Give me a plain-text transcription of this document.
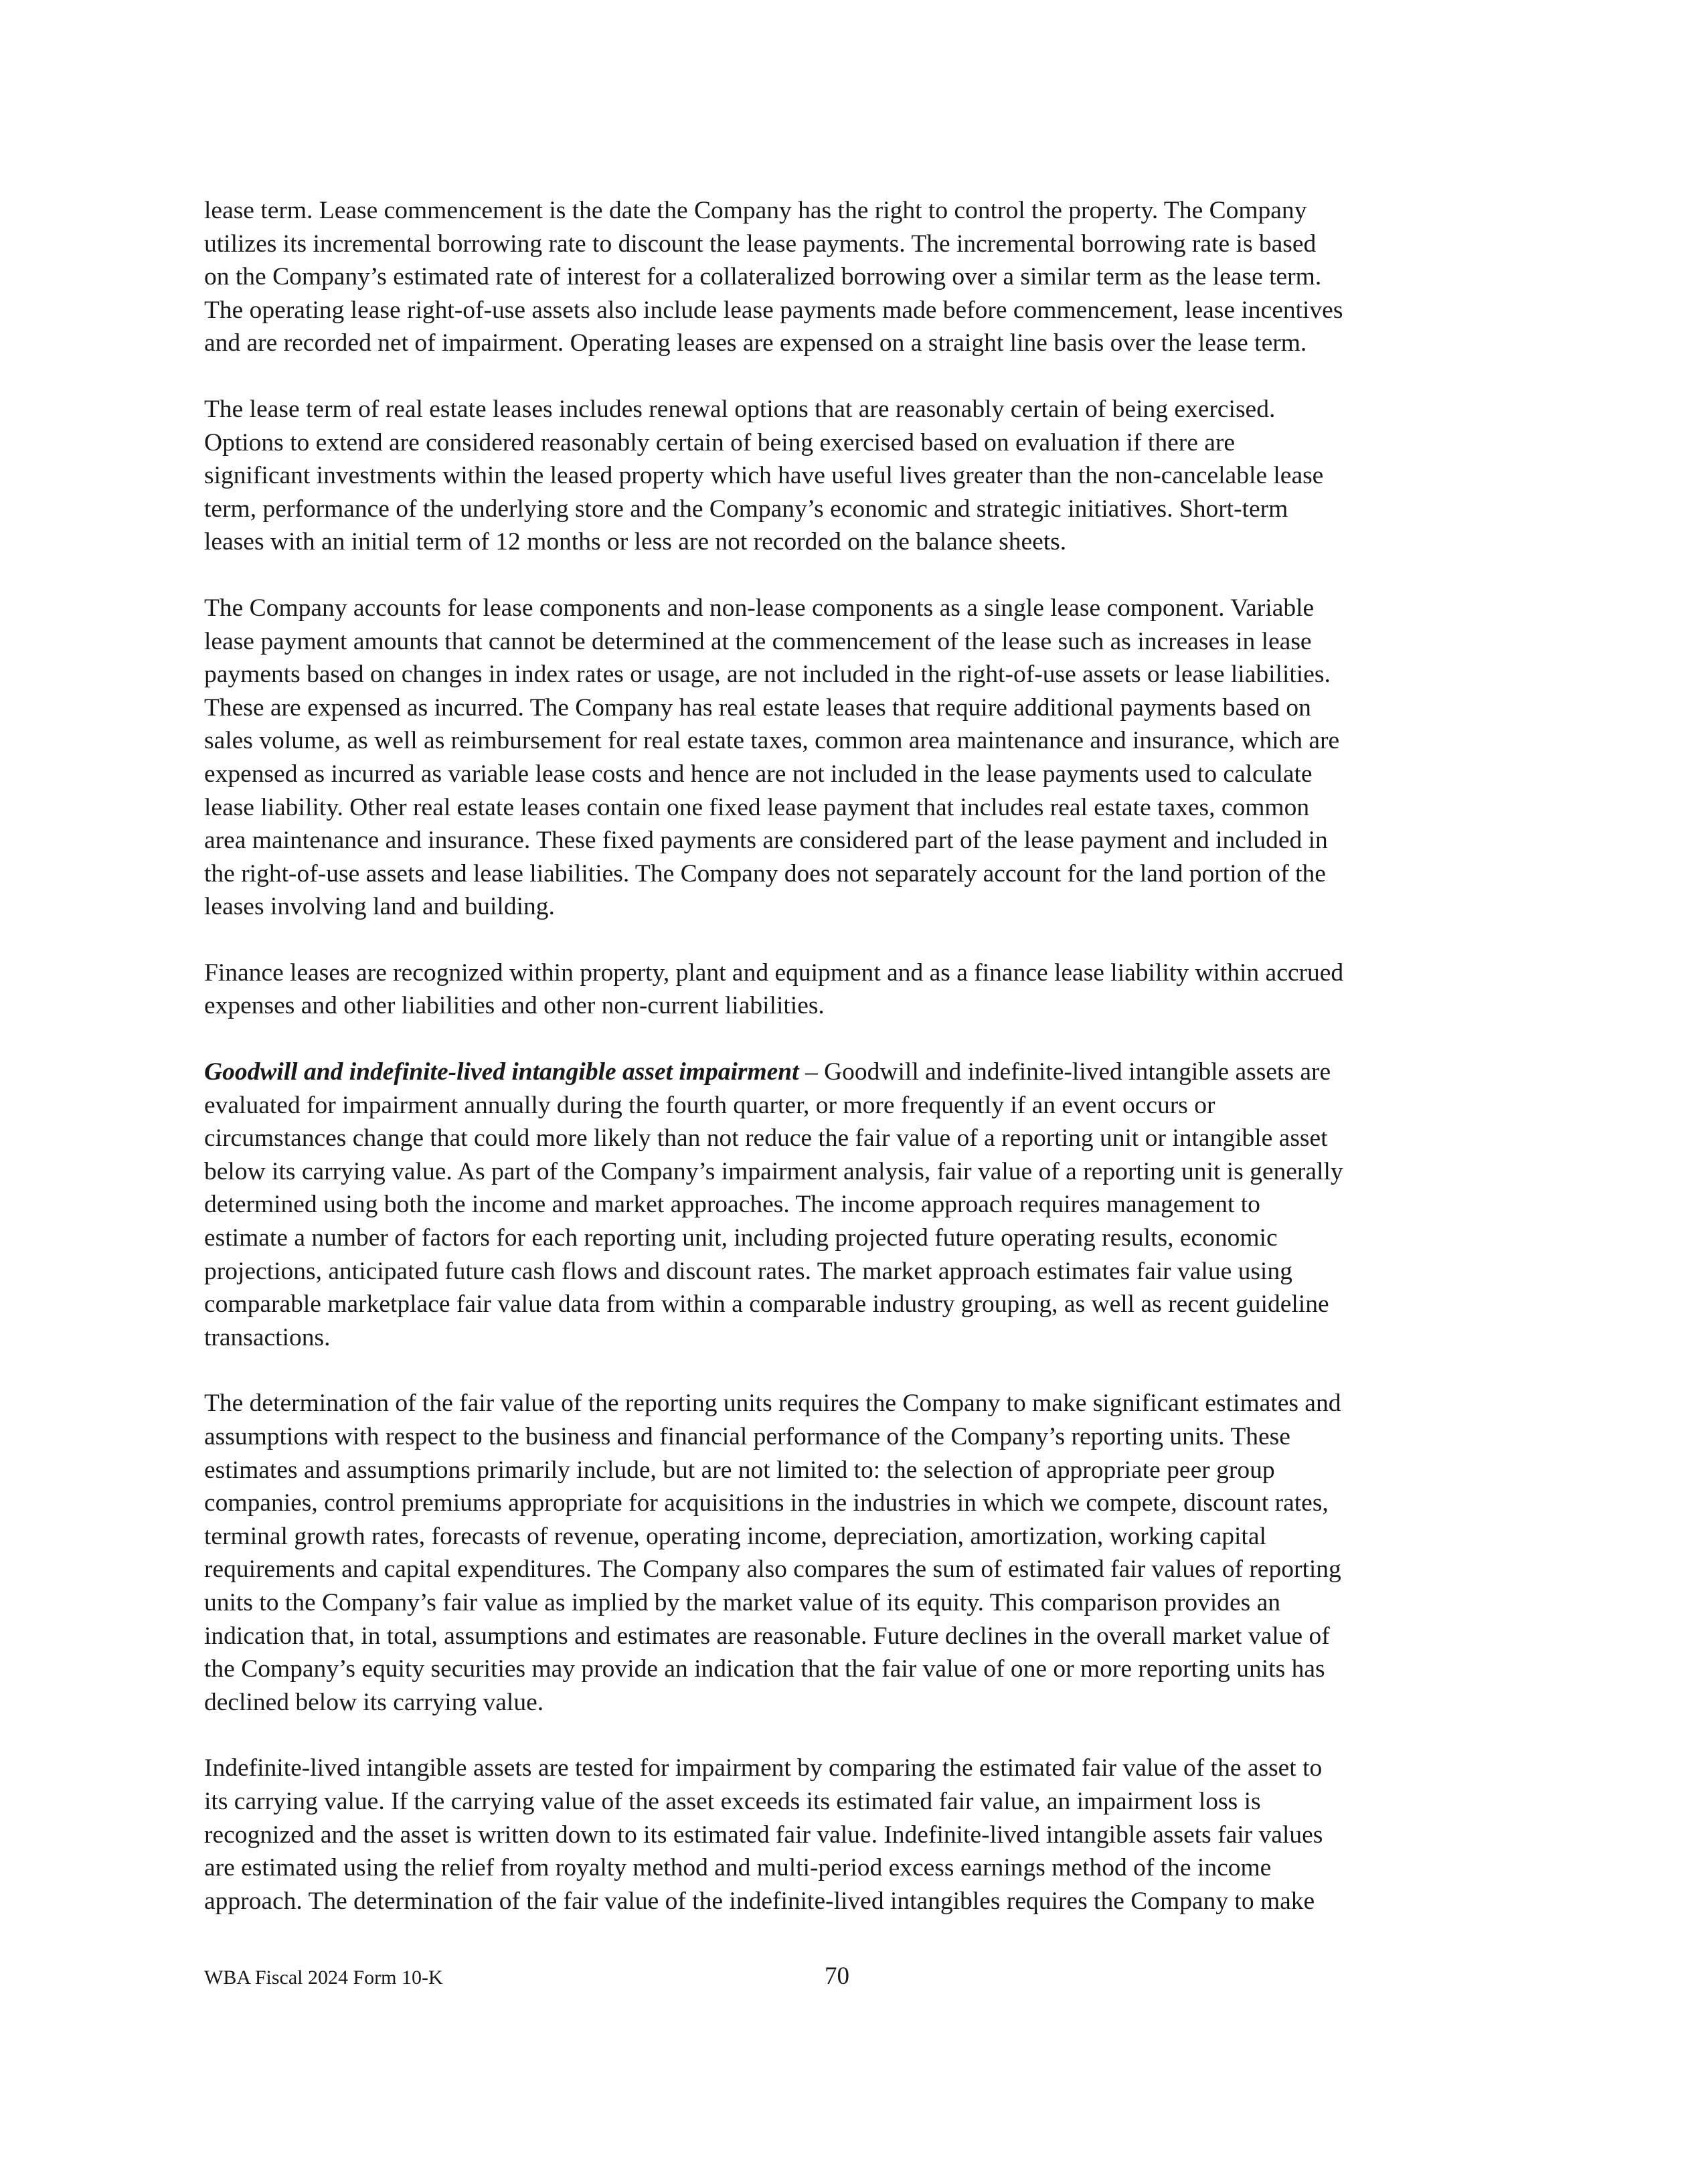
lease term. Lease commencement is the date the Company has the right to control the property. The Company
utilizes its incremental borrowing rate to discount the lease payments. The incremental borrowing rate is based
on the Company’s estimated rate of interest for a collateralized borrowing over a similar term as the lease term.
The operating lease right-of-use assets also include lease payments made before commencement, lease incentives
and are recorded net of impairment. Operating leases are expensed on a straight line basis over the lease term.

The lease term of real estate leases includes renewal options that are reasonably certain of being exercised.
Options to extend are considered reasonably certain of being exercised based on evaluation if there are
significant investments within the leased property which have useful lives greater than the non-cancelable lease
term, performance of the underlying store and the Company’s economic and strategic initiatives. Short-term
leases with an initial term of 12 months or less are not recorded on the balance sheets.

The Company accounts for lease components and non-lease components as a single lease component. Variable
lease payment amounts that cannot be determined at the commencement of the lease such as increases in lease
payments based on changes in index rates or usage, are not included in the right-of-use assets or lease liabilities.
These are expensed as incurred. The Company has real estate leases that require additional payments based on
sales volume, as well as reimbursement for real estate taxes, common area maintenance and insurance, which are
expensed as incurred as variable lease costs and hence are not included in the lease payments used to calculate
lease liability. Other real estate leases contain one fixed lease payment that includes real estate taxes, common
area maintenance and insurance. These fixed payments are considered part of the lease payment and included in
the right-of-use assets and lease liabilities. The Company does not separately account for the land portion of the
leases involving land and building.

Finance leases are recognized within property, plant and equipment and as a finance lease liability within accrued
expenses and other liabilities and other non-current liabilities.

Goodwill and indefinite-lived intangible asset impairment – Goodwill and indefinite-lived intangible assets are
evaluated for impairment annually during the fourth quarter, or more frequently if an event occurs or
circumstances change that could more likely than not reduce the fair value of a reporting unit or intangible asset
below its carrying value. As part of the Company’s impairment analysis, fair value of a reporting unit is generally
determined using both the income and market approaches. The income approach requires management to
estimate a number of factors for each reporting unit, including projected future operating results, economic
projections, anticipated future cash flows and discount rates. The market approach estimates fair value using
comparable marketplace fair value data from within a comparable industry grouping, as well as recent guideline
transactions.

The determination of the fair value of the reporting units requires the Company to make significant estimates and
assumptions with respect to the business and financial performance of the Company’s reporting units. These
estimates and assumptions primarily include, but are not limited to: the selection of appropriate peer group
companies, control premiums appropriate for acquisitions in the industries in which we compete, discount rates,
terminal growth rates, forecasts of revenue, operating income, depreciation, amortization, working capital
requirements and capital expenditures. The Company also compares the sum of estimated fair values of reporting
units to the Company’s fair value as implied by the market value of its equity. This comparison provides an
indication that, in total, assumptions and estimates are reasonable. Future declines in the overall market value of
the Company’s equity securities may provide an indication that the fair value of one or more reporting units has
declined below its carrying value.

Indefinite-lived intangible assets are tested for impairment by comparing the estimated fair value of the asset to
its carrying value. If the carrying value of the asset exceeds its estimated fair value, an impairment loss is
recognized and the asset is written down to its estimated fair value. Indefinite-lived intangible assets fair values
are estimated using the relief from royalty method and multi-period excess earnings method of the income
approach. The determination of the fair value of the indefinite-lived intangibles requires the Company to make

WBA Fiscal 2024 Form 10-K	70
